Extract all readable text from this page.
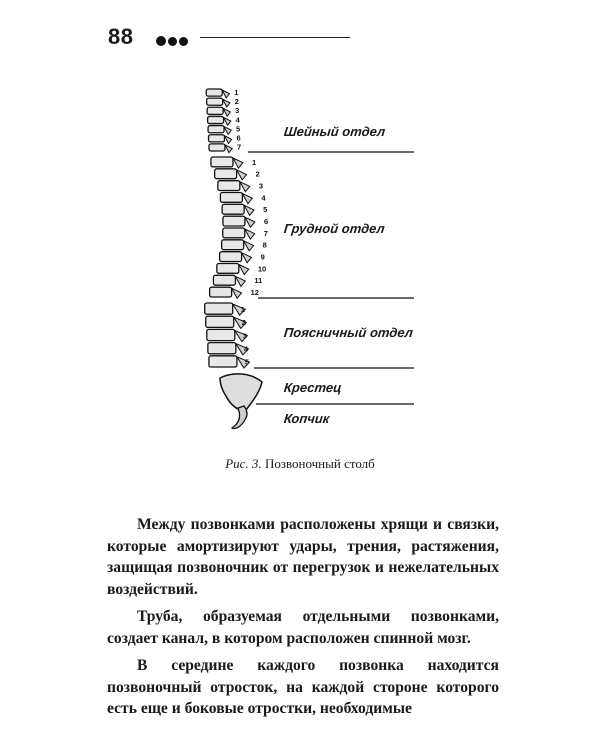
88
1
2
3
4
5
6
7
1
2
3
4
5
6
7
8
9
10
11
12
1
2
3
4
5
Шейный отдел
Грудной отдел
Поясничный отдел
Крестец
Копчик
Рис. 3. Позвоночный столб

Между позвонками расположены хрящи и связки, которые амортизируют удары, трения, растяжения, защищая позвоночник от перегрузок и нежелательных воздействий.

Труба, образуемая отдельными позвонками, создает канал, в котором расположен спинной мозг.

В середине каждого позвонка находится позвоночный отросток, на каждой стороне которого есть еще и боковые отростки, необходимые
